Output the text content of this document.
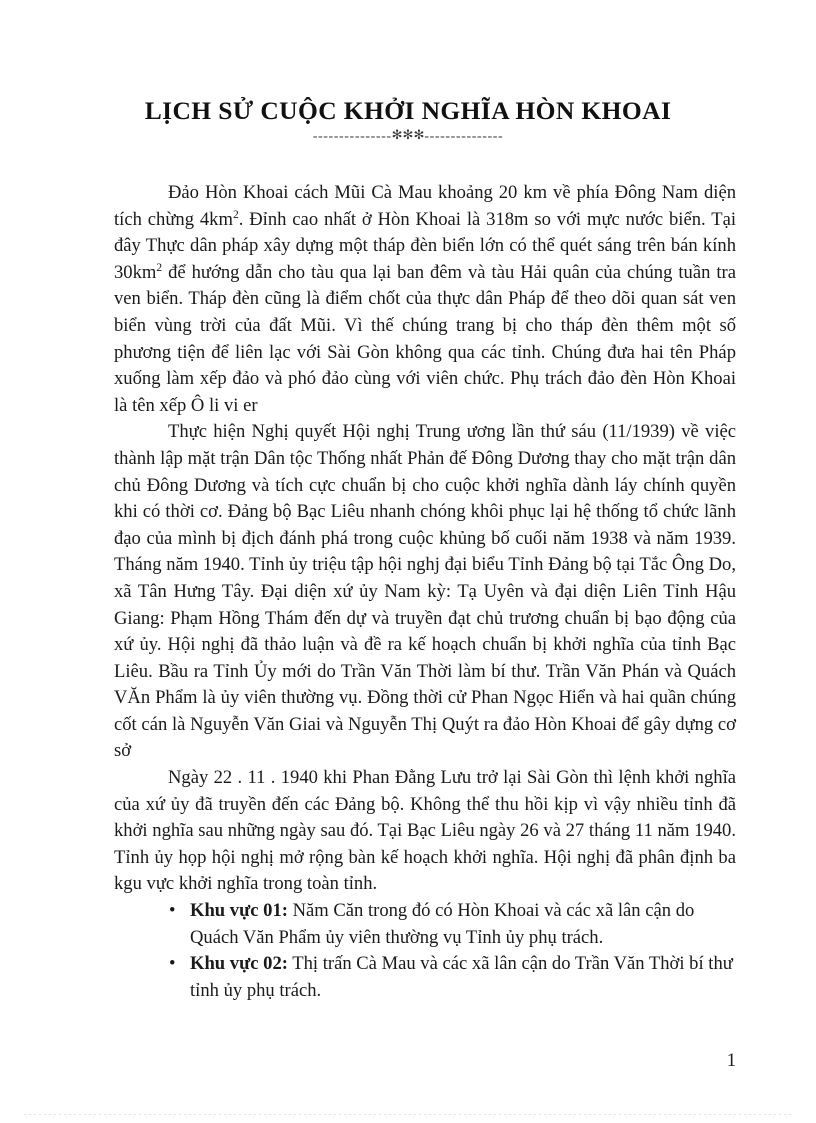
LỊCH SỬ CUỘC KHỞI NGHĨA HÒN KHOAI
---------------✻✻✻---------------

Đảo Hòn Khoai cách Mũi Cà Mau khoảng 20 km về phía Đông Nam diện tích chừng $4km^2$. Đỉnh cao nhất ở Hòn Khoai là 318m so với mực nước biển. Tại đây Thực dân pháp xây dựng một tháp đèn biển lớn có thể quét sáng trên bán kính $30km^2$ để hướng dẫn cho tàu qua lại ban đêm và tàu Hải quân của chúng tuần tra ven biển. Tháp đèn cũng là điểm chốt của thực dân Pháp để theo dõi quan sát ven biển vùng trời của đất Mũi. Vì thế chúng trang bị cho tháp đèn thêm một số phương tiện để liên lạc với Sài Gòn không qua các tỉnh. Chúng đưa hai tên Pháp xuống làm xếp đảo và phó đảo cùng với viên chức. Phụ trách đảo đèn Hòn Khoai là tên xếp Ô li vi er

Thực hiện Nghị quyết Hội nghị Trung ương lần thứ sáu (11/1939) về việc thành lập mặt trận Dân tộc Thống nhất Phản đế Đông Dương thay cho mặt trận dân chủ Đông Dương và tích cực chuẩn bị cho cuộc khởi nghĩa dành láy chính quyền khi có thời cơ. Đảng bộ Bạc Liêu nhanh chóng khôi phục lại hệ thống tổ chức lãnh đạo của mình bị địch đánh phá trong cuộc khủng bố cuối năm 1938 và năm 1939. Tháng năm 1940. Tỉnh ủy triệu tập hội nghj đại biểu Tỉnh Đảng bộ tại Tắc Ông Do, xã Tân Hưng Tây. Đại diện xứ ủy Nam kỳ: Tạ Uyên và đại diện Liên Tỉnh Hậu Giang: Phạm Hồng Thám đến dự và truyền đạt chủ trương chuẩn bị bạo động của xứ ủy. Hội nghị đã thảo luận và đề ra kế hoạch chuẩn bị khởi nghĩa của tỉnh Bạc Liêu. Bầu ra Tỉnh Ủy mới do Trần Văn Thời làm bí thư. Trần Văn Phán và Quách VĂn Phẩm là ủy viên thường vụ. Đồng thời cử Phan Ngọc Hiển và hai quần chúng cốt cán là Nguyễn Văn Giai và Nguyễn Thị Quýt ra đảo Hòn Khoai để gây dựng cơ sở

Ngày 22 . 11 . 1940 khi Phan Đằng Lưu trở lại Sài Gòn thì lệnh khởi nghĩa của xứ ủy đã truyền đến các Đảng bộ. Không thể thu hồi kịp vì vậy nhiều tỉnh đã khởi nghĩa sau những ngày sau đó. Tại Bạc Liêu ngày 26 và 27 tháng 11 năm 1940. Tỉnh ủy họp hội nghị mở rộng bàn kế hoạch khởi nghĩa. Hội nghị đã phân định ba kgu vực khởi nghĩa trong toàn tỉnh.

• Khu vực 01: Năm Căn trong đó có Hòn Khoai và các xã lân cận do Quách Văn Phẩm ủy viên thường vụ Tỉnh ủy phụ trách.
• Khu vực 02: Thị trấn Cà Mau và các xã lân cận do Trần Văn Thời bí thư tỉnh ủy phụ trách.
1
